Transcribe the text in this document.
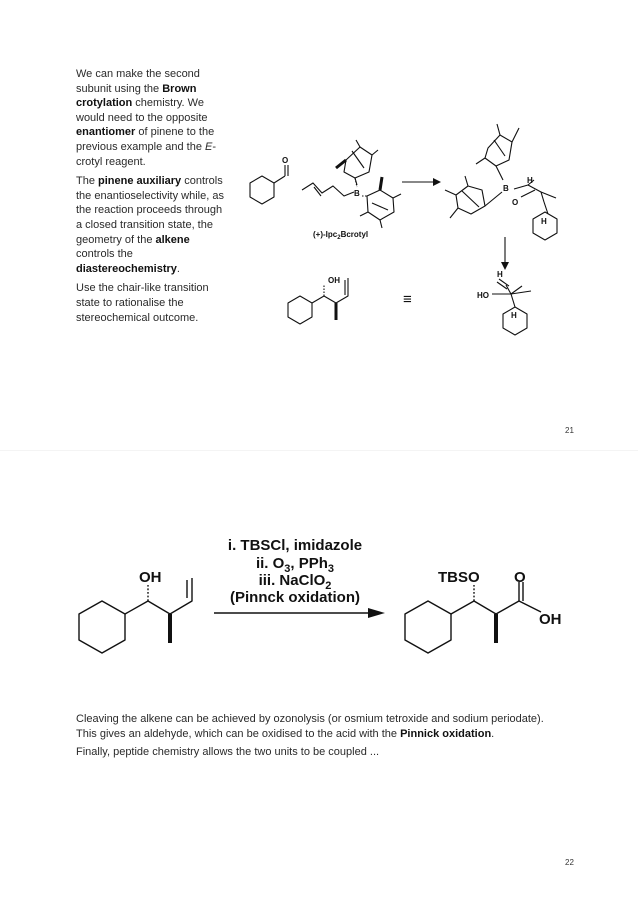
We can make the second subunit using the Brown crotylation chemistry. We would need to the opposite enantiomer of pinene to the previous example and the E-crotyl reagent.

The pinene auxiliary controls the enantioselectivity while, as the reaction proceeds through a closed transition state, the geometry of the alkene controls the diastereochemistry.

Use the chair-like transition state to rationalise the stereochemical outcome.

O
B
(+)-Ipc$_2$Bcrotyl
B
O
H
H
OH
≡	HO
H
H
21
OH
i. TBSCl, imidazole
ii. $O_3$, PPh$_3$
iii. NaClO$_2$
(Pinnck oxidation)
TBSO O
OH

Cleaving the alkene can be achieved by ozonolysis (or osmium tetroxide and sodium periodate). This gives an aldehyde, which can be oxidised to the acid with the Pinnick oxidation.

Finally, peptide chemistry allows the two units to be coupled ...

22
